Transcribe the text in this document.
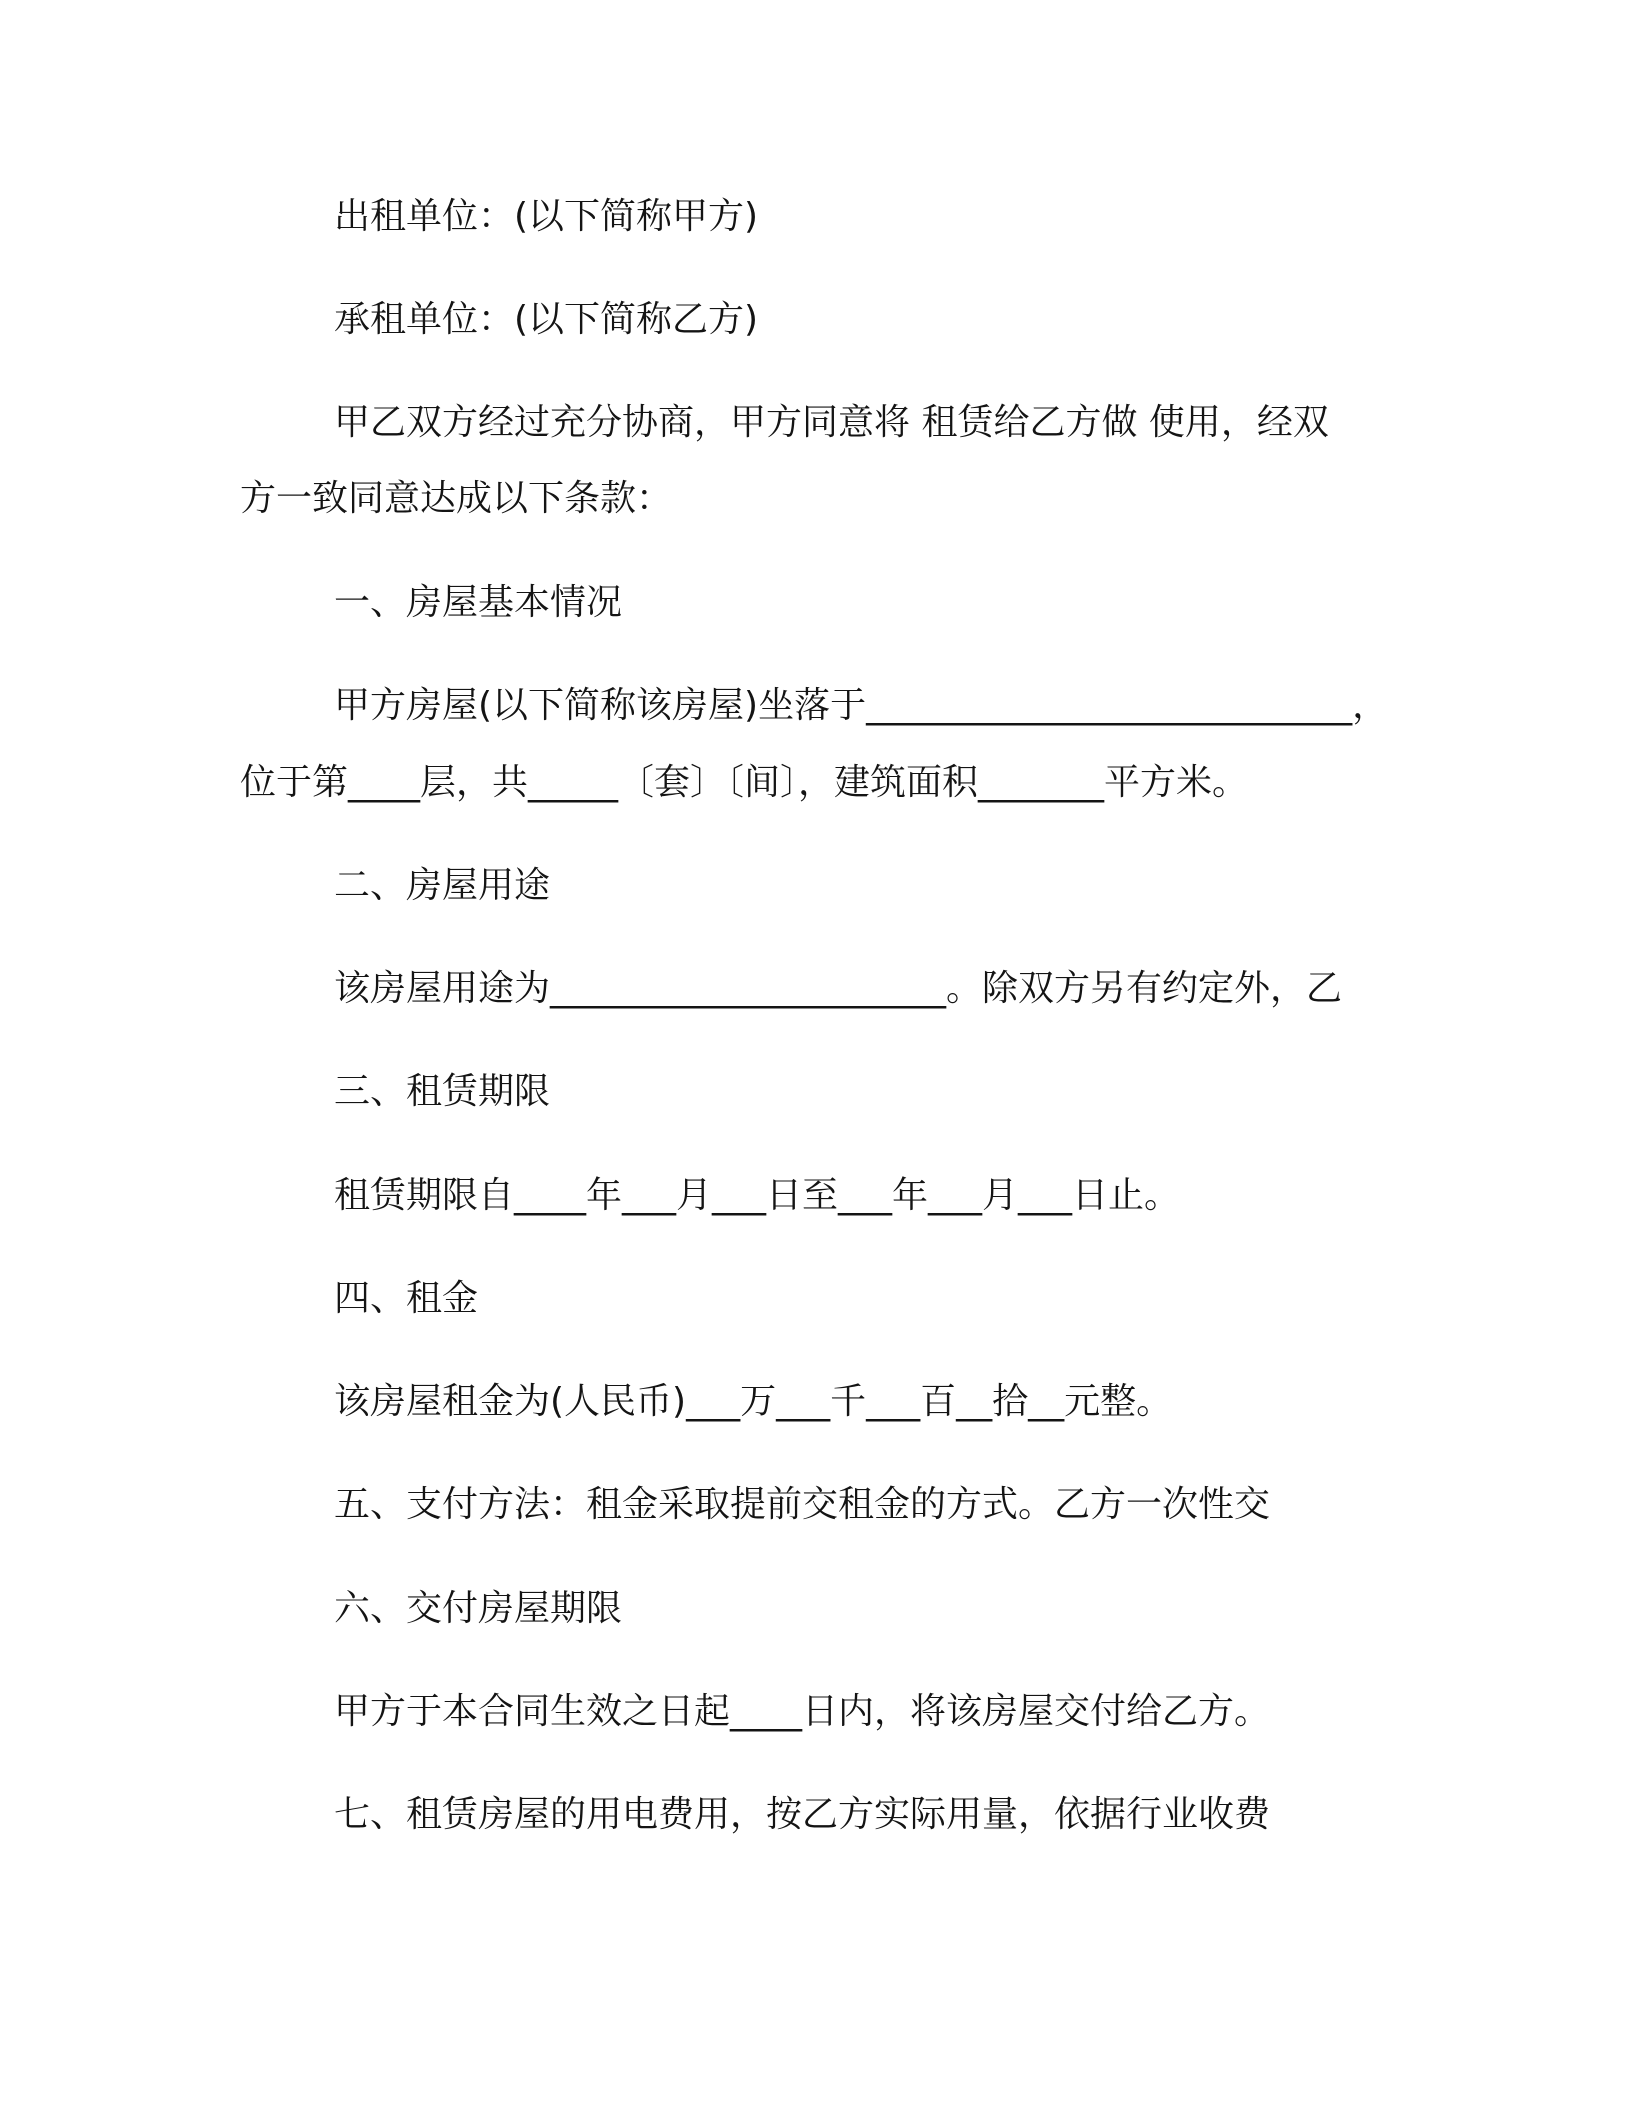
出租单位：(以下简称甲方)
承租单位：(以下简称乙方)
甲乙双方经过充分协商，甲方同意将 租赁给乙方做 使用，经双
方一致同意达成以下条款：
一、房屋基本情况
甲方房屋(以下简称该房屋)坐落于___________________________，
位于第____层，共_____〔套〕〔间〕，建筑面积_______平方米。
二、房屋用途
该房屋用途为______________________。除双方另有约定外，乙
三、租赁期限
租赁期限自____年___月___日至___年___月___日止。
四、租金
该房屋租金为(人民币)___万___千___百__拾__元整。
五、支付方法：租金采取提前交租金的方式。乙方一次性交
六、交付房屋期限
甲方于本合同生效之日起____日内，将该房屋交付给乙方。
七、租赁房屋的用电费用，按乙方实际用量，依据行业收费
